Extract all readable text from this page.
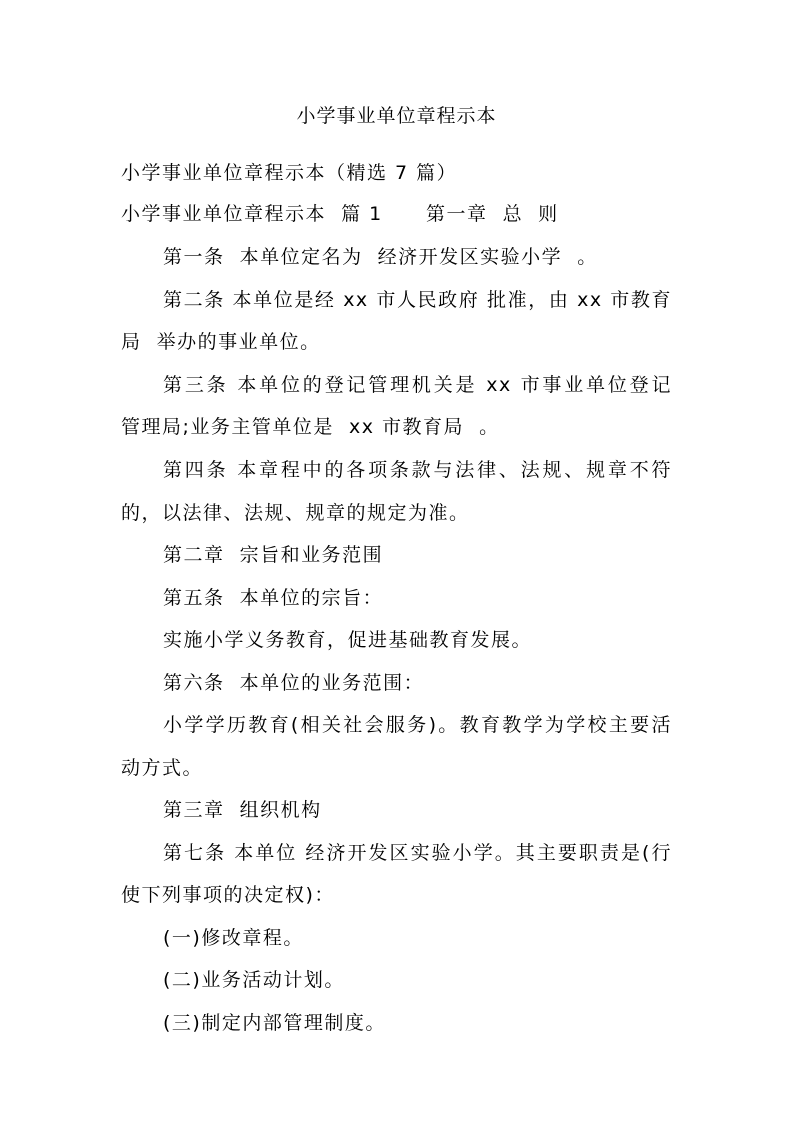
小学事业单位章程示本
小学事业单位章程示本（精选 7 篇）
小学事业单位章程示本  篇 1 第一章  总  则
第一条  本单位定名为  经济开发区实验小学  。
第二条 本单位是经 xx 市人民政府 批准，由 xx 市教育
局  举办的事业单位。
第三条 本单位的登记管理机关是 xx 市事业单位登记
管理局;业务主管单位是  xx 市教育局  。
第四条 本章程中的各项条款与法律、法规、规章不符
的，以法律、法规、规章的规定为准。
第二章  宗旨和业务范围
第五条  本单位的宗旨：
实施小学义务教育，促进基础教育发展。
第六条  本单位的业务范围：
小学学历教育(相关社会服务)。教育教学为学校主要活
动方式。
第三章  组织机构
第七条 本单位 经济开发区实验小学。其主要职责是(行
使下列事项的决定权)：
(一)修改章程。
(二)业务活动计划。
(三)制定内部管理制度。
